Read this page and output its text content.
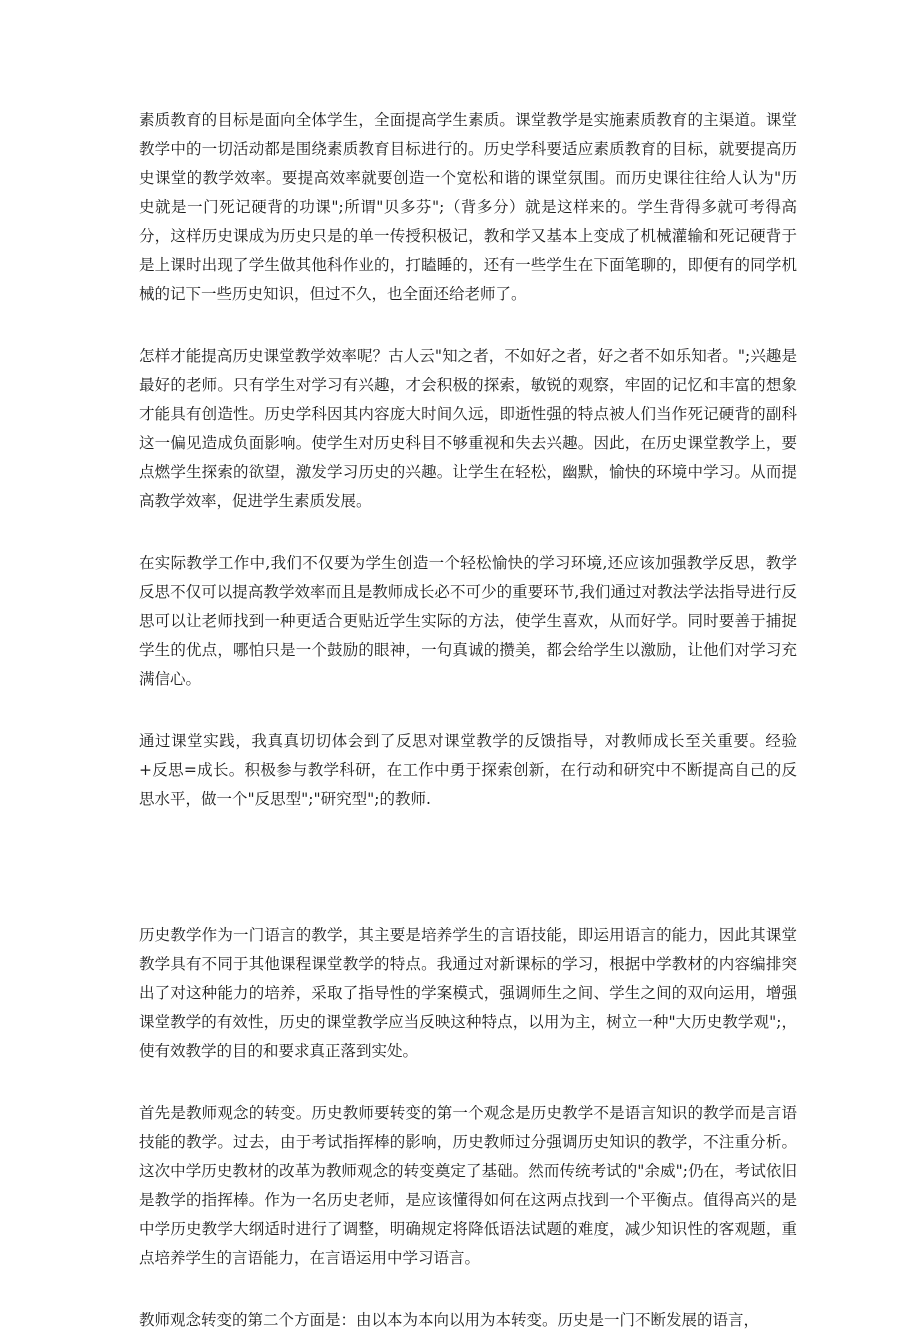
素质教育的目标是面向全体学生，全面提高学生素质。课堂教学是实施素质教育的主渠道。课堂教学中的一切活动都是围绕素质教育目标进行的。历史学科要适应素质教育的目标，就要提高历史课堂的教学效率。要提高效率就要创造一个宽松和谐的课堂氛围。而历史课往往给人认为"历史就是一门死记硬背的功课";所谓"贝多芬";（背多分）就是这样来的。学生背得多就可考得高分，这样历史课成为历史只是的单一传授积极记，教和学又基本上变成了机械灌输和死记硬背于是上课时出现了学生做其他科作业的，打瞌睡的，还有一些学生在下面笔聊的，即便有的同学机械的记下一些历史知识，但过不久，也全面还给老师了。

怎样才能提高历史课堂教学效率呢？古人云"知之者，不如好之者，好之者不如乐知者。";兴趣是最好的老师。只有学生对学习有兴趣，才会积极的探索，敏锐的观察，牢固的记忆和丰富的想象才能具有创造性。历史学科因其内容庞大时间久远，即逝性强的特点被人们当作死记硬背的副科这一偏见造成负面影响。使学生对历史科目不够重视和失去兴趣。因此，在历史课堂教学上，要点燃学生探索的欲望，激发学习历史的兴趣。让学生在轻松，幽默，愉快的环境中学习。从而提高教学效率，促进学生素质发展。

在实际教学工作中,我们不仅要为学生创造一个轻松愉快的学习环境,还应该加强教学反思，教学反思不仅可以提高教学效率而且是教师成长必不可少的重要环节,我们通过对教法学法指导进行反思可以让老师找到一种更适合更贴近学生实际的方法，使学生喜欢，从而好学。同时要善于捕捉学生的优点，哪怕只是一个鼓励的眼神，一句真诚的攒美，都会给学生以激励，让他们对学习充满信心。

通过课堂实践，我真真切切体会到了反思对课堂教学的反馈指导，对教师成长至关重要。经验+反思=成长。积极参与教学科研，在工作中勇于探索创新，在行动和研究中不断提高自己的反思水平，做一个"反思型";"研究型";的教师.

历史教学作为一门语言的教学，其主要是培养学生的言语技能，即运用语言的能力，因此其课堂教学具有不同于其他课程课堂教学的特点。我通过对新课标的学习，根据中学教材的内容编排突出了对这种能力的培养，采取了指导性的学案模式，强调师生之间、学生之间的双向运用，增强课堂教学的有效性，历史的课堂教学应当反映这种特点，以用为主，树立一种"大历史教学观";，使有效教学的目的和要求真正落到实处。

首先是教师观念的转变。历史教师要转变的第一个观念是历史教学不是语言知识的教学而是言语技能的教学。过去，由于考试指挥棒的影响，历史教师过分强调历史知识的教学，不注重分析。这次中学历史教材的改革为教师观念的转变奠定了基础。然而传统考试的"余威";仍在，考试依旧是教学的指挥棒。作为一名历史老师，是应该懂得如何在这两点找到一个平衡点。值得高兴的是中学历史教学大纲适时进行了调整，明确规定将降低语法试题的难度，减少知识性的客观题，重点培养学生的言语能力，在言语运用中学习语言。

教师观念转变的第二个方面是：由以本为本向以用为本转变。历史是一门不断发展的语言，
